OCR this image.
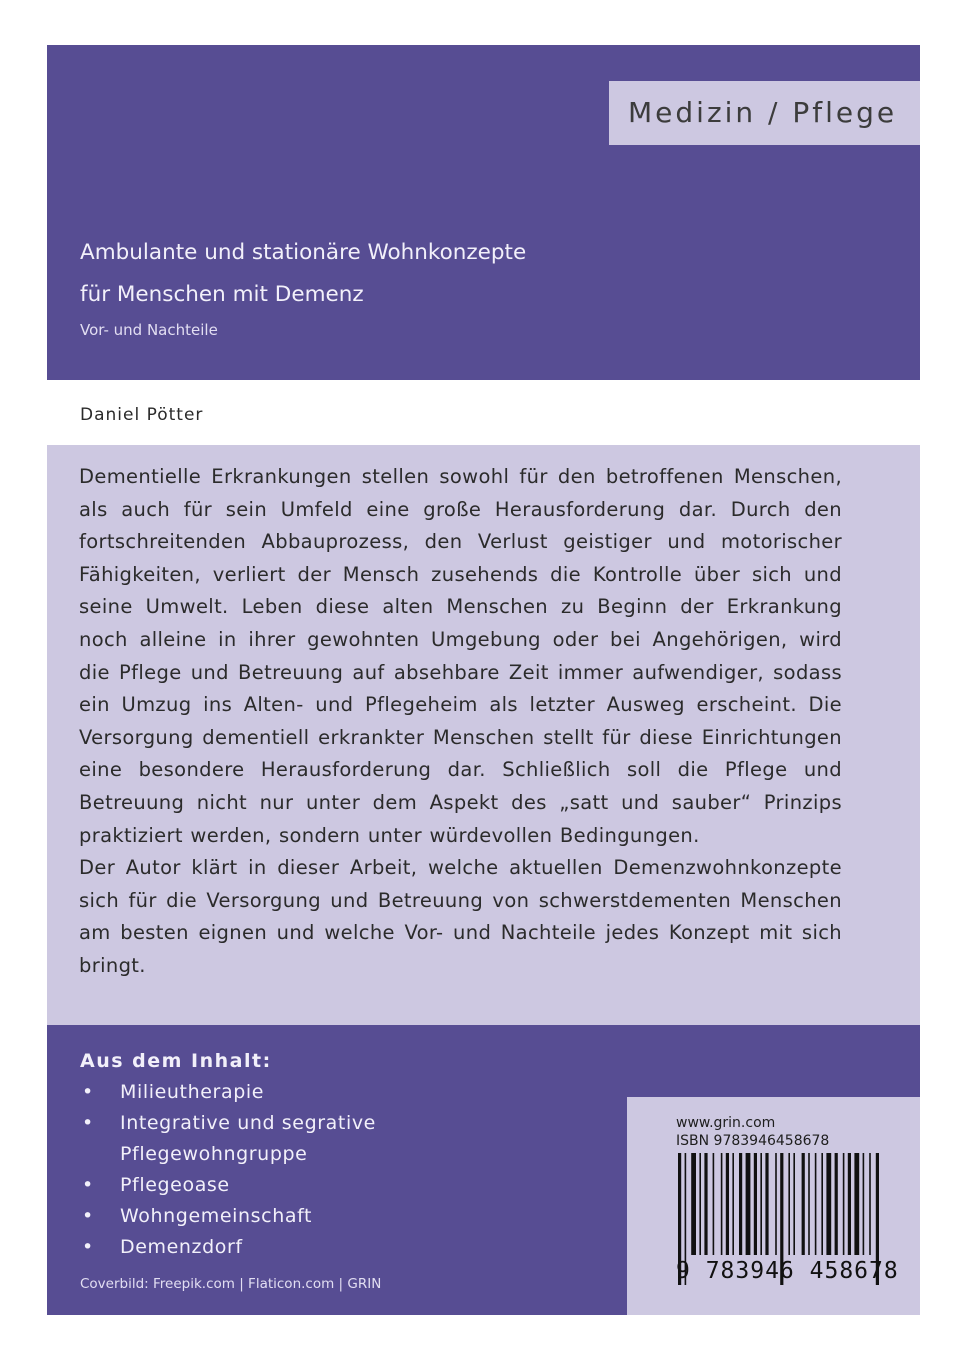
Medizin / Pflege
Ambulante und stationäre Wohnkonzepte
für Menschen mit Demenz
Vor- und Nachteile
Daniel Pötter

Dementielle Erkrankungen stellen sowohl für den betroffenen Menschen, als auch für sein Umfeld eine große Herausforderung dar. Durch den fortschreitenden Abbauprozess, den Verlust geistiger und motorischer Fähigkeiten, verliert der Mensch zusehends die Kontrolle über sich und seine Umwelt. Leben diese alten Menschen zu Beginn der Erkrankung noch alleine in ihrer gewohnten Umgebung oder bei Angehörigen, wird die Pflege und Betreuung auf absehbare Zeit immer aufwendiger, sodass ein Umzug ins Alten- und Pflegeheim als letzter Ausweg erscheint. Die Versorgung dementiell erkrankter Menschen stellt für diese Einrichtungen eine besondere Herausforderung dar. Schließlich soll die Pflege und Betreuung nicht nur unter dem Aspekt des „satt und sauber“ Prinzips praktiziert werden, sondern unter würdevollen Bedingungen.

Der Autor klärt in dieser Arbeit, welche aktuellen Demenzwohnkonzepte sich für die Versorgung und Betreuung von schwerstdementen Menschen am besten eignen und welche Vor- und Nachteile jedes Konzept mit sich bringt.

Aus dem Inhalt:
• Milieutherapie
• Integrative und segrative
Pflegewohngruppe
• Pflegeoase
• Wohngemeinschaft
• Demenzdorf
Coverbild: Freepik.com | Flaticon.com | GRIN
www.grin.com
ISBN 9783946458678
9 783946 458678
